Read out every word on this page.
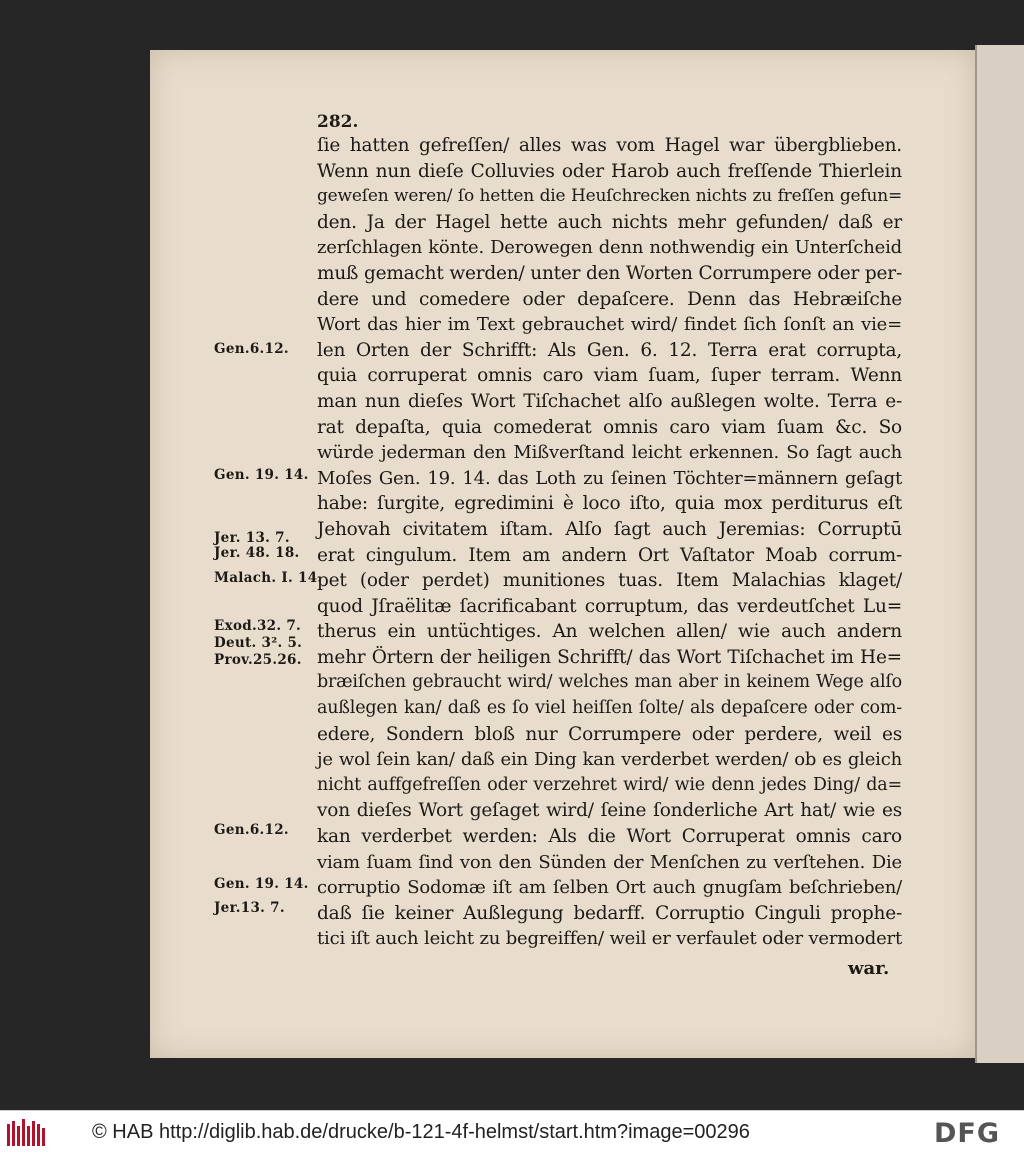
282.
ſie hatten gefreſſen/ alles was vom Hagel war übergblieben.
Wenn nun dieſe Colluvies oder Harob auch freſſende Thierlein
geweſen weren/ ſo hetten die Heuſchrecken nichts zu freſſen gefun=
den. Ja der Hagel hette auch nichts mehr gefunden/ daß er
zerſchlagen könte. Derowegen denn nothwendig ein Unterſcheid
muß gemacht werden/ unter den Worten Corrumpere oder per-
dere und comedere oder depaſcere. Denn das Hebræiſche
Wort das hier im Text gebrauchet wird/ findet ſich ſonſt an vie=
len Orten der Schrifft: Als Gen. 6. 12. Terra erat corrupta,
quia corruperat omnis caro viam ſuam, ſuper terram. Wenn
man nun dieſes Wort Tiſchachet alſo außlegen wolte. Terra e-
rat depaſta, quia comederat omnis caro viam ſuam &c. So
würde jederman den Mißverſtand leicht erkennen. So ſagt auch
Moſes Gen. 19. 14. das Loth zu ſeinen Töchter=männern geſagt
habe: ſurgite, egredimini è loco iſto, quia mox perditurus eſt
Jehovah civitatem iſtam. Alſo ſagt auch Jeremias: Corruptū
erat cingulum. Item am andern Ort Vaſtator Moab corrum-
pet (oder perdet) munitiones tuas. Item Malachias klaget/
quod Jſraëlitæ ſacrificabant corruptum, das verdeutſchet Lu=
therus ein untüchtiges. An welchen allen/ wie auch andern
mehr Örtern der heiligen Schrifft/ das Wort Tiſchachet im He=
bræiſchen gebraucht wird/ welches man aber in keinem Wege alſo
außlegen kan/ daß es ſo viel heiſſen ſolte/ als depaſcere oder com-
edere, Sondern bloß nur Corrumpere oder perdere, weil es
je wol ſein kan/ daß ein Ding kan verderbet werden/ ob es gleich
nicht auffgefreſſen oder verzehret wird/ wie denn jedes Ding/ da=
von dieſes Wort geſaget wird/ ſeine ſonderliche Art hat/ wie es
kan verderbet werden: Als die Wort Corruperat omnis caro
viam ſuam ſind von den Sünden der Menſchen zu verſtehen. Die
corruptio Sodomæ iſt am ſelben Ort auch gnugſam beſchrieben/
daß ſie keiner Außlegung bedarff. Corruptio Cinguli prophe-
tici iſt auch leicht zu begreiffen/ weil er verfaulet oder vermodert
Gen.6.12.
Gen. 19. 14.
Jer. 13. 7.
Jer. 48. 18.
Malach. I. 14.
Exod.32. 7.
Deut. 3². 5.
Prov.25.26.
Gen.6.12.
Gen. 19. 14.
Jer.13. 7.
war.
© HAB http://diglib.hab.de/drucke/b-121-4f-helmst/start.htm?image=00296	DFG
